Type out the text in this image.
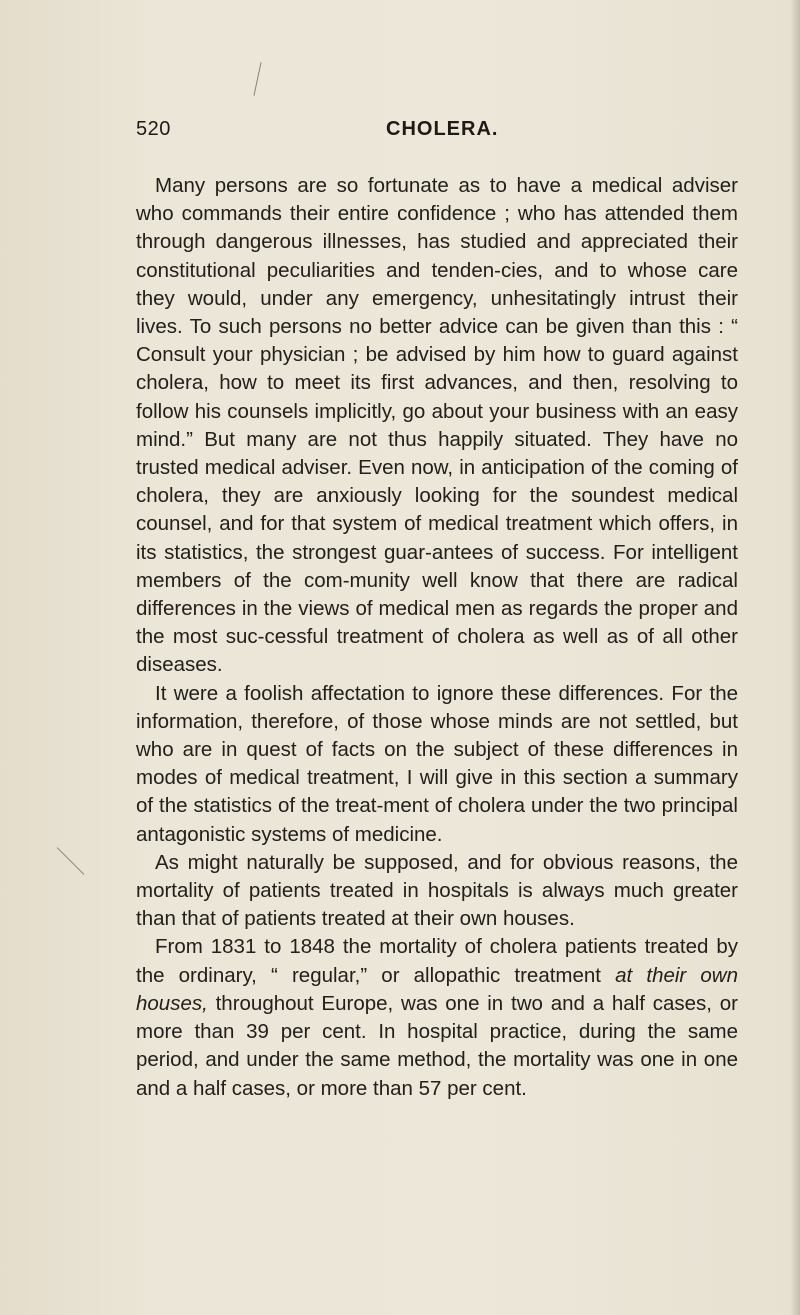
520	CHOLERA.

Many persons are so fortunate as to have a medical adviser who commands their entire confidence ; who has attended them through dangerous illnesses, has studied and appreciated their constitutional peculiarities and tenden-cies, and to whose care they would, under any emergency, unhesitatingly intrust their lives. To such persons no better advice can be given than this : “ Consult your physician ; be advised by him how to guard against cholera, how to meet its first advances, and then, resolving to follow his counsels implicitly, go about your business with an easy mind.” But many are not thus happily situated. They have no trusted medical adviser. Even now, in anticipation of the coming of cholera, they are anxiously looking for the soundest medical counsel, and for that system of medical treatment which offers, in its statistics, the strongest guar-antees of success. For intelligent members of the com-munity well know that there are radical differences in the views of medical men as regards the proper and the most suc-cessful treatment of cholera as well as of all other diseases.

It were a foolish affectation to ignore these differences. For the information, therefore, of those whose minds are not settled, but who are in quest of facts on the subject of these differences in modes of medical treatment, I will give in this section a summary of the statistics of the treat-ment of cholera under the two principal antagonistic systems of medicine.

As might naturally be supposed, and for obvious reasons, the mortality of patients treated in hospitals is always much greater than that of patients treated at their own houses.

From 1831 to 1848 the mortality of cholera patients treated by the ordinary, “ regular,” or allopathic treatment at their own houses, throughout Europe, was one in two and a half cases, or more than 39 per cent. In hospital practice, during the same period, and under the same method, the mortality was one in one and a half cases, or more than 57 per cent.
